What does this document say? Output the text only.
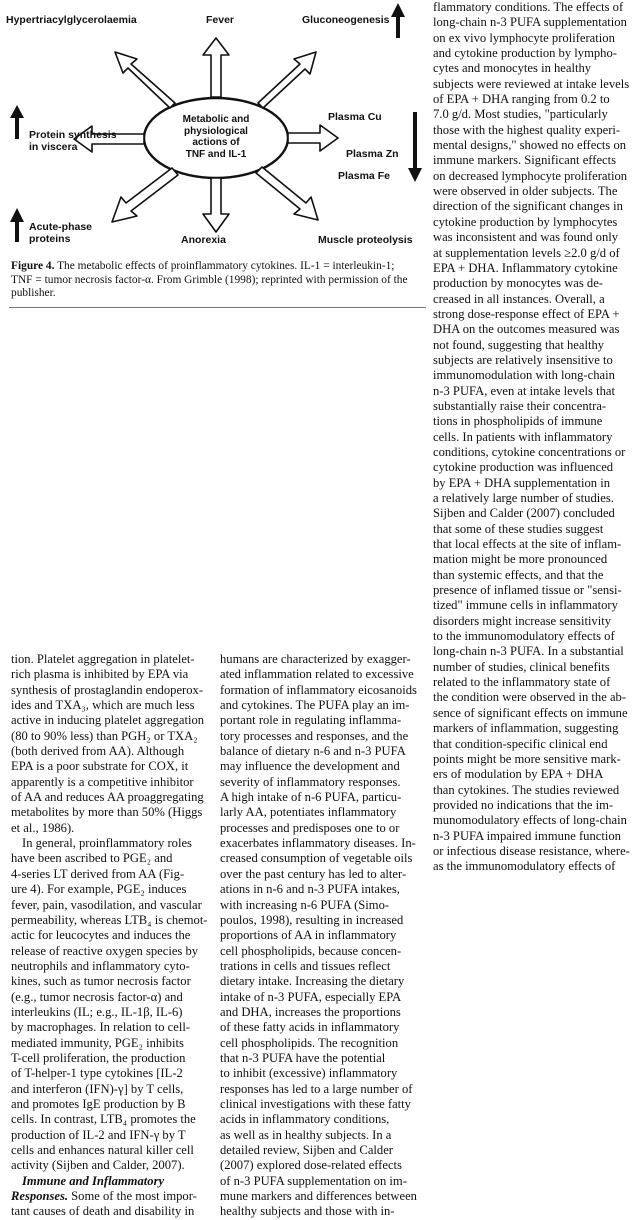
Hypertriacylglycerolaemia	Fever	Gluconeogenesis
Protein synthesis
in viscera
Plasma Cu
Plasma Zn
Plasma Fe
Acute-phase
proteins	Anorexia	Muscle proteolysis
Metabolic and
physiological
actions of
TNF and IL-1
Figure 4. The metabolic effects of proinflammatory cytokines. IL-1 = interleukin-1;
TNF = tumor necrosis factor-α. From Grimble (1998); reprinted with permission of the
publisher.
tion. Platelet aggregation in platelet-
rich plasma is inhibited by EPA via
synthesis of prostaglandin endoperox-
ides and TXA₃, which are much less
active in inducing platelet aggregation
(80 to 90% less) than PGH₂ or TXA₂
(both derived from AA). Although
EPA is a poor substrate for COX, it
apparently is a competitive inhibitor
of AA and reduces AA proaggregating
metabolites by more than 50% (Higgs
et al., 1986).
In general, proinflammatory roles
have been ascribed to PGE₂ and
4-series LT derived from AA (Fig-
ure 4). For example, PGE₂ induces
fever, pain, vasodilation, and vascular
permeability, whereas LTB₄ is chemot-
actic for leucocytes and induces the
release of reactive oxygen species by
neutrophils and inflammatory cyto-
kines, such as tumor necrosis factor
(e.g., tumor necrosis factor-α) and
interleukins (IL; e.g., IL-1β, IL-6)
by macrophages. In relation to cell-
mediated immunity, PGE₂ inhibits
T-cell proliferation, the production
of T-helper-1 type cytokines [IL-2
and interferon (IFN)-γ] by T cells,
and promotes IgE production by B
cells. In contrast, LTB₄ promotes the
production of IL-2 and IFN-γ by T
cells and enhances natural killer cell
activity (Sijben and Calder, 2007).
Immune and Inflammatory
Responses. Some of the most impor-
tant causes of death and disability in
humans are characterized by exagger-
ated inflammation related to excessive
formation of inflammatory eicosanoids
and cytokines. The PUFA play an im-
portant role in regulating inflamma-
tory processes and responses, and the
balance of dietary n-6 and n-3 PUFA
may influence the development and
severity of inflammatory responses.
A high intake of n-6 PUFA, particu-
larly AA, potentiates inflammatory
processes and predisposes one to or
exacerbates inflammatory diseases. In-
creased consumption of vegetable oils
over the past century has led to alter-
ations in n-6 and n-3 PUFA intakes,
with increasing n-6 PUFA (Simo-
poulos, 1998), resulting in increased
proportions of AA in inflammatory
cell phospholipids, because concen-
trations in cells and tissues reflect
dietary intake. Increasing the dietary
intake of n-3 PUFA, especially EPA
and DHA, increases the proportions
of these fatty acids in inflammatory
cell phospholipids. The recognition
that n-3 PUFA have the potential
to inhibit (excessive) inflammatory
responses has led to a large number of
clinical investigations with these fatty
acids in inflammatory conditions,
as well as in healthy subjects. In a
detailed review, Sijben and Calder
(2007) explored dose-related effects
of n-3 PUFA supplementation on im-
mune markers and differences between
healthy subjects and those with in-
flammatory conditions. The effects of
long-chain n-3 PUFA supplementation
on ex vivo lymphocyte proliferation
and cytokine production by lympho-
cytes and monocytes in healthy
subjects were reviewed at intake levels
of EPA + DHA ranging from 0.2 to
7.0 g/d. Most studies, "particularly
those with the highest quality experi-
mental designs," showed no effects on
immune markers. Significant effects
on decreased lymphocyte proliferation
were observed in older subjects. The
direction of the significant changes in
cytokine production by lymphocytes
was inconsistent and was found only
at supplementation levels ≥2.0 g/d of
EPA + DHA. Inflammatory cytokine
production by monocytes was de-
creased in all instances. Overall, a
strong dose-response effect of EPA +
DHA on the outcomes measured was
not found, suggesting that healthy
subjects are relatively insensitive to
immunomodulation with long-chain
n-3 PUFA, even at intake levels that
substantially raise their concentra-
tions in phospholipids of immune
cells. In patients with inflammatory
conditions, cytokine concentrations or
cytokine production was influenced
by EPA + DHA supplementation in
a relatively large number of studies.
Sijben and Calder (2007) concluded
that some of these studies suggest
that local effects at the site of inflam-
mation might be more pronounced
than systemic effects, and that the
presence of inflamed tissue or "sensi-
tized" immune cells in inflammatory
disorders might increase sensitivity
to the immunomodulatory effects of
long-chain n-3 PUFA. In a substantial
number of studies, clinical benefits
related to the inflammatory state of
the condition were observed in the ab-
sence of significant effects on immune
markers of inflammation, suggesting
that condition-specific clinical end
points might be more sensitive mark-
ers of modulation by EPA + DHA
than cytokines. The studies reviewed
provided no indications that the im-
munomodulatory effects of long-chain
n-3 PUFA impaired immune function
or infectious disease resistance, where-
as the immunomodulatory effects of
